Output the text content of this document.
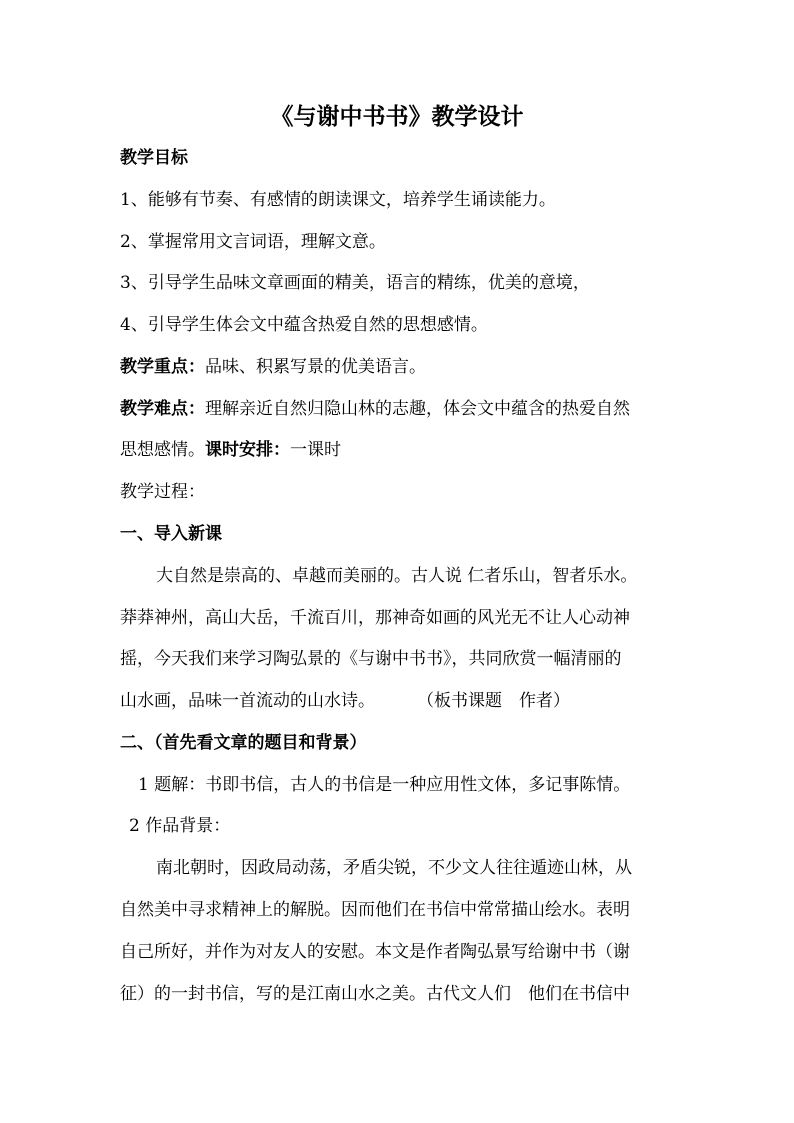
《与谢中书书》教学设计
教学目标
1、能够有节奏、有感情的朗读课文，培养学生诵读能力。
2、掌握常用文言词语，理解文意。
3、引导学生品味文章画面的精美，语言的精练，优美的意境，
4、引导学生体会文中蕴含热爱自然的思想感情。
教学重点：品味、积累写景的优美语言。
教学难点：理解亲近自然归隐山林的志趣，体会文中蕴含的热爱自然
思想感情。课时安排：一课时
教学过程：
一、导入新课
大自然是崇高的、卓越而美丽的。古人说 仁者乐山，智者乐水。
莽莽神州，高山大岳，千流百川，那神奇如画的风光无不让人心动神
摇，今天我们来学习陶弘景的《与谢中书书》，共同欣赏一幅清丽的
山水画，品味一首流动的山水诗。 （板书课题　作者）
二、（首先看文章的题目和背景）
1 题解：书即书信，古人的书信是一种应用性文体，多记事陈情。
2 作品背景：
南北朝时，因政局动荡，矛盾尖锐，不少文人往往遁迹山林，从
自然美中寻求精神上的解脱。因而他们在书信中常常描山绘水。表明
自己所好，并作为对友人的安慰。本文是作者陶弘景写给谢中书（谢
征）的一封书信，写的是江南山水之美。古代文人们　他们在书信中
